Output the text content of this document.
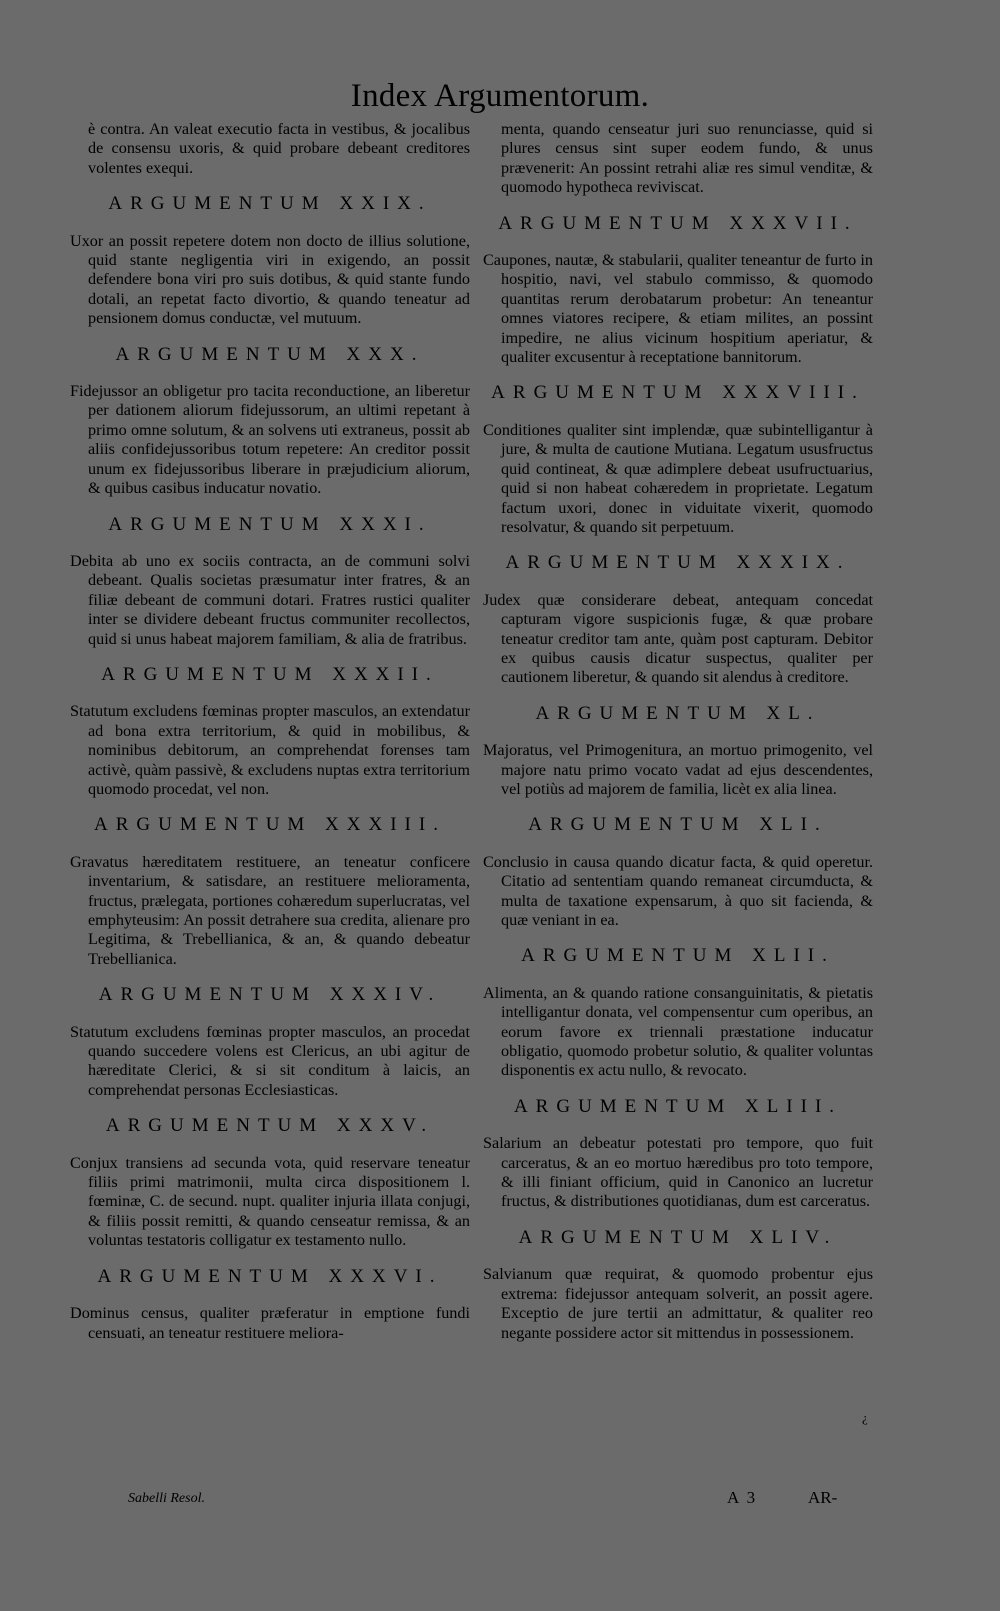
Index Argumentorum.

è contra. An valeat executio facta in vestibus, & jocalibus de consensu uxoris, & quid probare debeant creditores volentes exequi.

ARGUMENTUM XXIX.

Uxor an possit repetere dotem non docto de illius solutione, quid stante negligentia viri in exigendo, an possit defendere bona viri pro suis dotibus, & quid stante fundo dotali, an repetat facto divortio, & quando teneatur ad pensionem domus conductæ, vel mutuum.

ARGUMENTUM XXX.

Fidejussor an obligetur pro tacita reconductione, an liberetur per dationem aliorum fidejussorum, an ultimi repetant à primo omne solutum, & an solvens uti extraneus, possit ab aliis confidejussoribus totum repetere: An creditor possit unum ex fidejussoribus liberare in præjudicium aliorum, & quibus casibus inducatur novatio.

ARGUMENTUM XXXI.

Debita ab uno ex sociis contracta, an de communi solvi debeant. Qualis societas præsumatur inter fratres, & an filiæ debeant de communi dotari. Fratres rustici qualiter inter se dividere debeant fructus communiter recollectos, quid si unus habeat majorem familiam, & alia de fratribus.

ARGUMENTUM XXXII.

Statutum excludens fœminas propter masculos, an extendatur ad bona extra territorium, & quid in mobilibus, & nominibus debitorum, an comprehendat forenses tam activè, quàm passivè, & excludens nuptas extra territorium quomodo procedat, vel non.

ARGUMENTUM XXXIII.

Gravatus hæreditatem restituere, an teneatur conficere inventarium, & satisdare, an restituere melioramenta, fructus, prælegata, portiones cohæredum superlucratas, vel emphyteusim: An possit detrahere sua credita, alienare pro Legitima, & Trebellianica, & an, & quando debeatur Trebellianica.

ARGUMENTUM XXXIV.

Statutum excludens fœminas propter masculos, an procedat quando succedere volens est Clericus, an ubi agitur de hæreditate Clerici, & si sit conditum à laicis, an comprehendat personas Ecclesiasticas.

ARGUMENTUM XXXV.

Conjux transiens ad secunda vota, quid reservare teneatur filiis primi matrimonii, multa circa dispositionem l. fœminæ, C. de secund. nupt. qualiter injuria illata conjugi, & filiis possit remitti, & quando censeatur remissa, & an voluntas testatoris colligatur ex testamento nullo.

ARGUMENTUM XXXVI.

Dominus census, qualiter præferatur in emptione fundi censuati, an teneatur restituere meliora-

menta, quando censeatur juri suo renunciasse, quid si plures census sint super eodem fundo, & unus prævenerit: An possint retrahi aliæ res simul venditæ, & quomodo hypotheca reviviscat.

ARGUMENTUM XXXVII.

Caupones, nautæ, & stabularii, qualiter teneantur de furto in hospitio, navi, vel stabulo commisso, & quomodo quantitas rerum derobatarum probetur: An teneantur omnes viatores recipere, & etiam milites, an possint impedire, ne alius vicinum hospitium aperiatur, & qualiter excusentur à receptatione bannitorum.

ARGUMENTUM XXXVIII.

Conditiones qualiter sint implendæ, quæ subintelligantur à jure, & multa de cautione Mutiana. Legatum ususfructus quid contineat, & quæ adimplere debeat usufructuarius, quid si non habeat cohæredem in proprietate. Legatum factum uxori, donec in viduitate vixerit, quomodo resolvatur, & quando sit perpetuum.

ARGUMENTUM XXXIX.

Judex quæ considerare debeat, antequam concedat capturam vigore suspicionis fugæ, & quæ probare teneatur creditor tam ante, quàm post capturam. Debitor ex quibus causis dicatur suspectus, qualiter per cautionem liberetur, & quando sit alendus à creditore.

ARGUMENTUM XL.

Majoratus, vel Primogenitura, an mortuo primogenito, vel majore natu primo vocato vadat ad ejus descendentes, vel potiùs ad majorem de familia, licèt ex alia linea.

ARGUMENTUM XLI.

Conclusio in causa quando dicatur facta, & quid operetur. Citatio ad sententiam quando remaneat circumducta, & multa de taxatione expensarum, à quo sit facienda, & quæ veniant in ea.

ARGUMENTUM XLII.

Alimenta, an & quando ratione consanguinitatis, & pietatis intelligantur donata, vel compensentur cum operibus, an eorum favore ex triennali præstatione inducatur obligatio, quomodo probetur solutio, & qualiter voluntas disponentis ex actu nullo, & revocato.

ARGUMENTUM XLIII.

Salarium an debeatur potestati pro tempore, quo fuit carceratus, & an eo mortuo hæredibus pro toto tempore, & illi finiant officium, quid in Canonico an lucretur fructus, & distributiones quotidianas, dum est carceratus.

ARGUMENTUM XLIV.

Salvianum quæ requirat, & quomodo probentur ejus extrema: fidejussor antequam solverit, an possit agere. Exceptio de jure tertii an admittatur, & qualiter reo negante possidere actor sit mittendus in possessionem.

¿
Sabelli Resol.	A 3	AR-
